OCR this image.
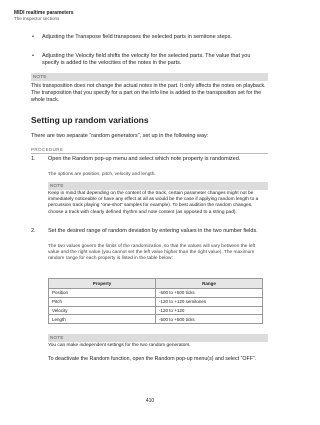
MIDI realtime parameters
The Inspector sections
• Adjusting the Transpose field transposes the selected parts in semitone steps.
• Adjusting the Velocity field shifts the velocity for the selected parts. The value that you specify is added to the velocities of the notes in the parts.
NOTE
This transposition does not change the actual notes in the part. It only affects the notes on playback. The transposition that you specify for a part on the info line is added to the transposition set for the whole track.
Setting up random variations
There are two separate “random generators”, set up in the following way:
PROCEDURE
1. Open the Random pop-up menu and select which note property is randomized.
The options are position, pitch, velocity and length.
NOTE
Keep in mind that depending on the content of the track, certain parameter changes might not be immediately noticeable or have any effect at all as would be the case if applying random length to a percussion track playing “one-shot” samples for example). To best audition the random changes, choose a track with clearly defined rhythm and note content (as opposed to a string pad).
2. Set the desired range of random deviation by entering values in the two number fields.
The two values govern the limits of the randomization, so that the values will vary between the left value and the right value (you cannot set the left value higher than the right value). The maximum random range for each property is listed in the table below:
Property	Range
Position	-500 to +500 ticks
Pitch	-120 to +120 semitones
Velocity	-120 to +120
Length	-500 to +500 ticks
NOTE
You can make independent settings for the two random generators.
To deactivate the Random function, open the Random pop-up menu(s) and select “OFF”.
410
